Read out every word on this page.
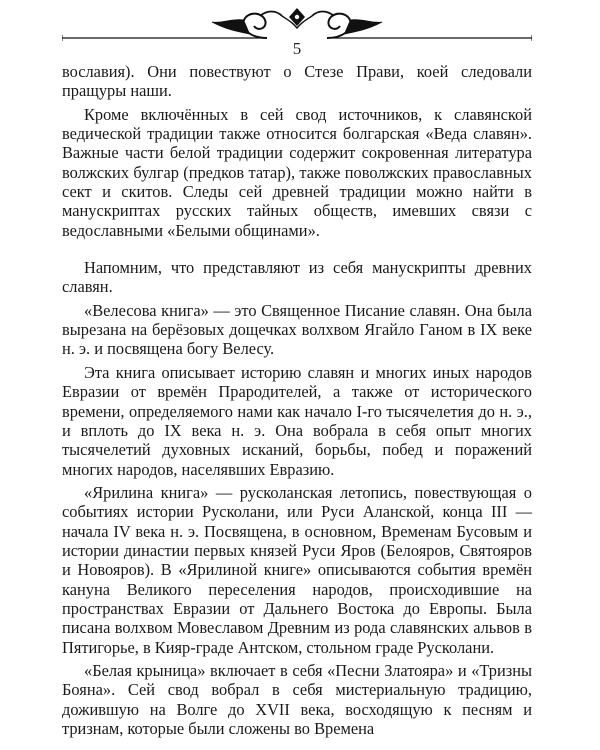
5

вославия). Они повествуют о Стезе Прави, коей следовали пращуры наши.

Кроме включённых в сей свод источников, к славянской ведической традиции также относится болгарская «Веда славян». Важные части белой традиции содержит сокровенная литература волжских булгар (предков татар), также поволжских православных сект и скитов. Следы сей древней традиции можно найти в манускриптах русских тайных обществ, имевших связи с ведославными «Белыми общинами».

Напомним, что представляют из себя манускрипты древних славян.

«Велесова книга» — это Священное Писание славян. Она была вырезана на берёзовых дощечках волхвом Ягайло Ганом в IX веке н. э. и посвящена богу Велесу.

Эта книга описывает историю славян и многих иных народов Евразии от времён Прародителей, а также от исторического времени, определяемого нами как начало I-го тысячелетия до н. э., и вплоть до IX века н. э. Она вобрала в себя опыт многих тысячелетий духовных исканий, борьбы, побед и поражений многих народов, населявших Евразию.

«Ярилина книга» — русколанская летопись, повествующая о событиях истории Русколани, или Руси Аланской, конца III — начала IV века н. э. Посвящена, в основном, Временам Бусовым и истории династии первых князей Руси Яров (Белояров, Святояров и Новояров). В «Ярилиной книге» описываются события времён кануна Великого переселения народов, происходившие на пространствах Евразии от Дальнего Востока до Европы. Была писана волхвом Мовеславом Древним из рода славянских альвов в Пятигорье, в Кияр-граде Антском, стольном граде Русколани.

«Белая крыница» включает в себя «Песни Златояра» и «Тризны Бояна». Сей свод вобрал в себя мистериальную традицию, дожившую на Волге до XVII века, восходящую к песням и тризнам, которые были сложены во Времена
